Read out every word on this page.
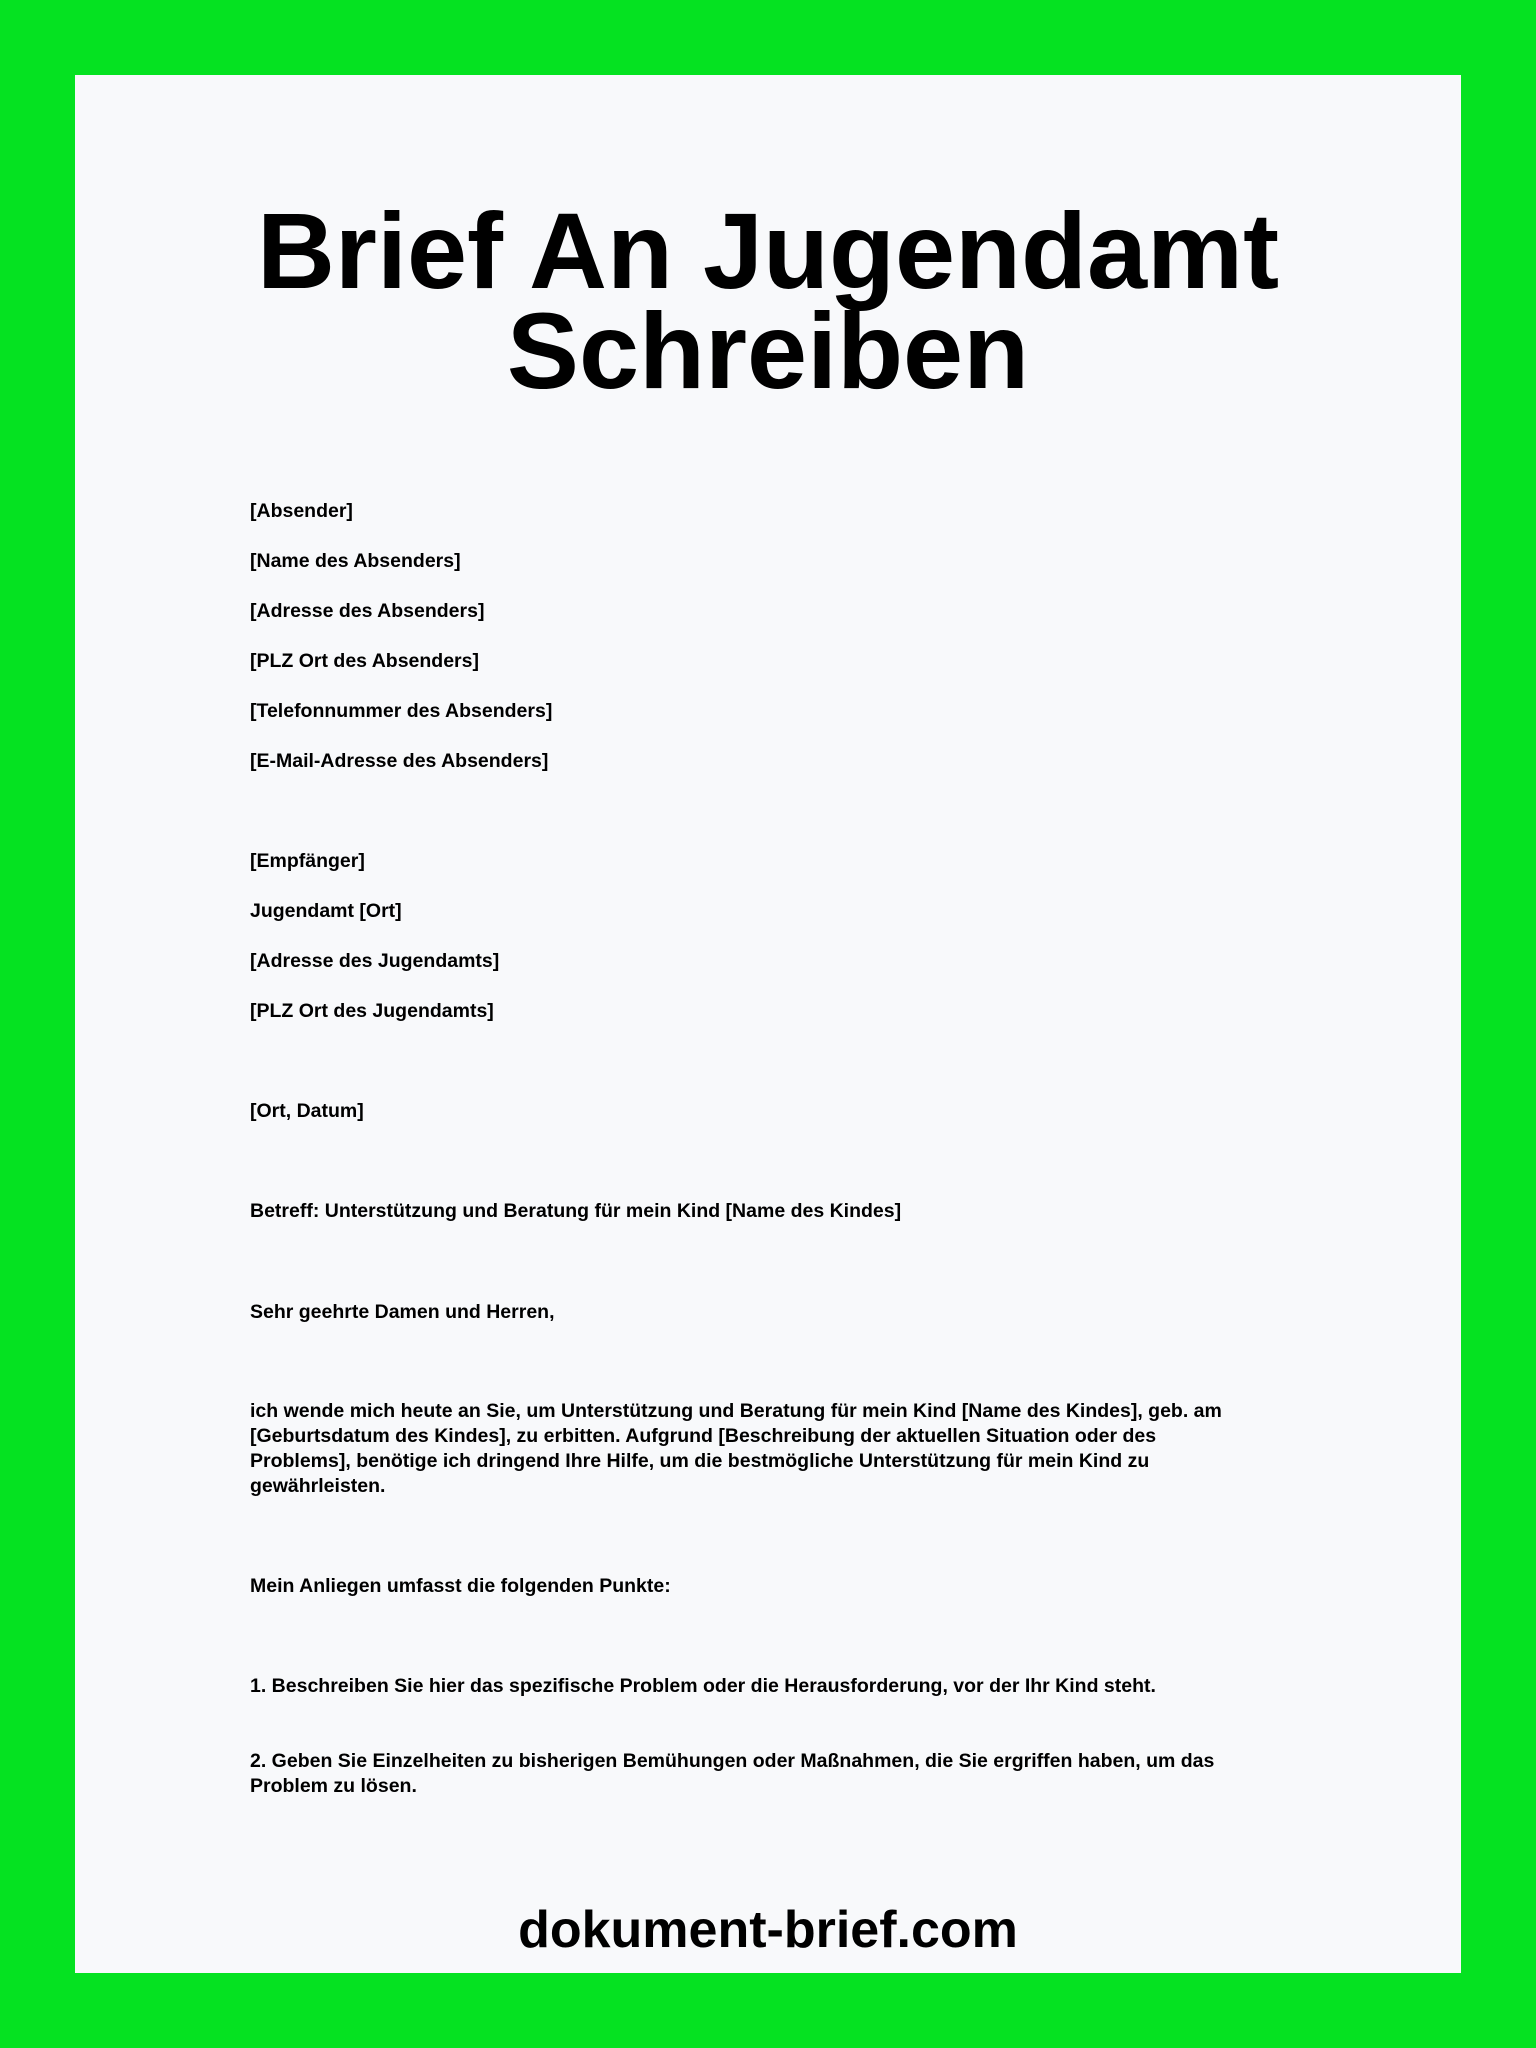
Brief An Jugendamt Schreiben

[Absender]

[Name des Absenders]

[Adresse des Absenders]

[PLZ Ort des Absenders]

[Telefonnummer des Absenders]

[E-Mail-Adresse des Absenders]

[Empfänger]

Jugendamt [Ort]

[Adresse des Jugendamts]

[PLZ Ort des Jugendamts]

[Ort, Datum]

Betreff: Unterstützung und Beratung für mein Kind [Name des Kindes]

Sehr geehrte Damen und Herren,

ich wende mich heute an Sie, um Unterstützung und Beratung für mein Kind [Name des Kindes], geb. am [Geburtsdatum des Kindes], zu erbitten. Aufgrund [Beschreibung der aktuellen Situation oder des Problems], benötige ich dringend Ihre Hilfe, um die bestmögliche Unterstützung für mein Kind zu gewährleisten.

Mein Anliegen umfasst die folgenden Punkte:

1. Beschreiben Sie hier das spezifische Problem oder die Herausforderung, vor der Ihr Kind steht.

2. Geben Sie Einzelheiten zu bisherigen Bemühungen oder Maßnahmen, die Sie ergriffen haben, um das Problem zu lösen.

dokument-brief.com
